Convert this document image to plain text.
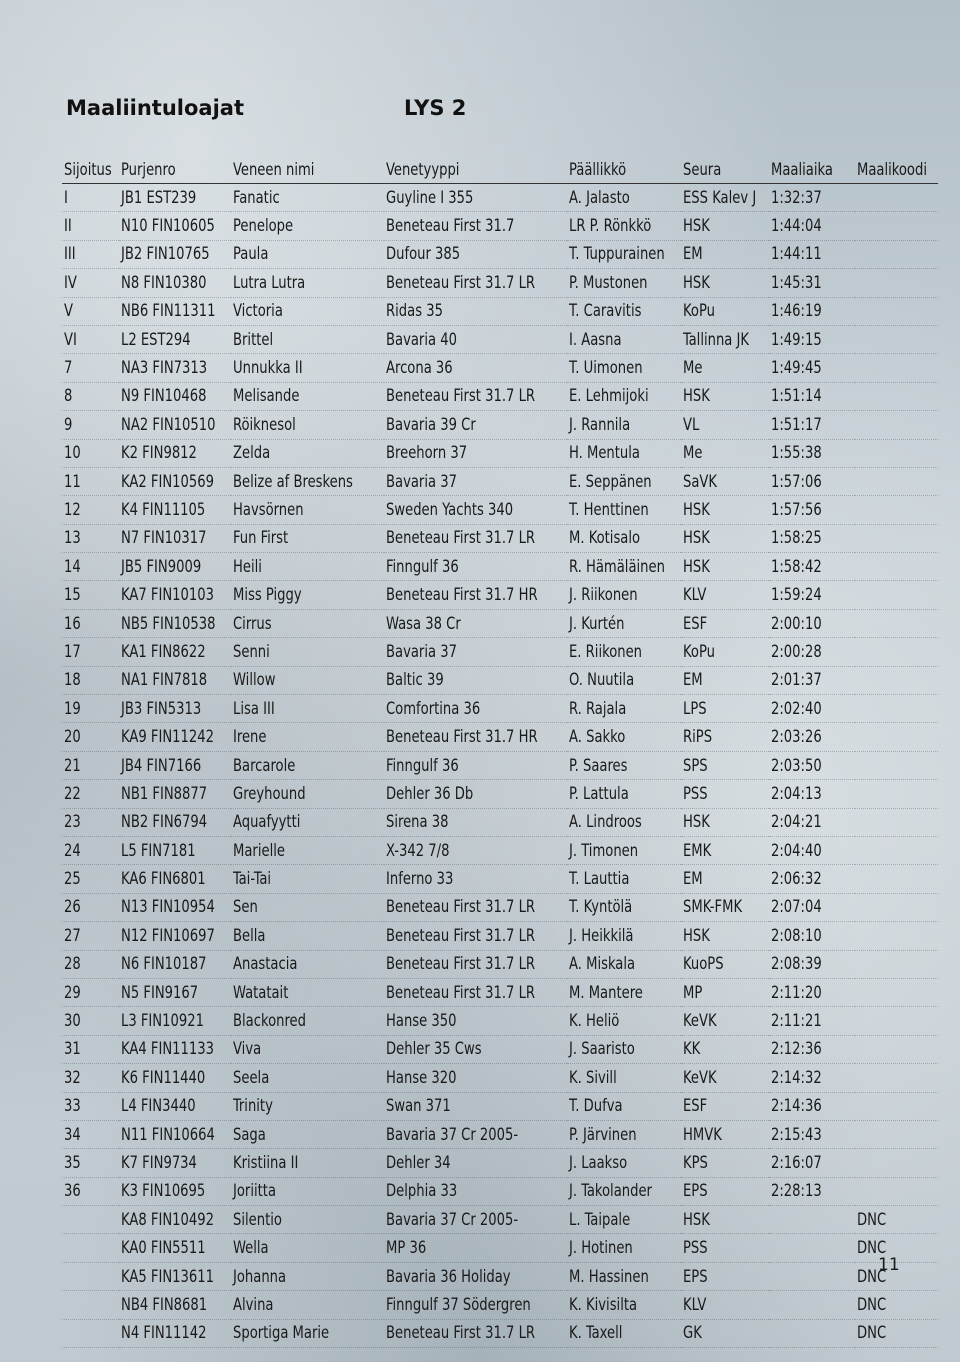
Maaliintuloajat	LYS 2
Sijoitus	Purjenro	Veneen nimi	Venetyyppi	Päällikkö	Seura	Maaliaika	Maalikoodi
I	JB1 EST239	Fanatic	Guyline I 355	A. Jalasto	ESS Kalev J	1:32:37	
II	N10 FIN10605	Penelope	Beneteau First 31.7	LR P. Rönkkö	HSK	1:44:04	
III	JB2 FIN10765	Paula	Dufour 385	T. Tuppurainen	EM	1:44:11	
IV	N8 FIN10380	Lutra Lutra	Beneteau First 31.7 LR	P. Mustonen	HSK	1:45:31	
V	NB6 FIN11311	Victoria	Ridas 35	T. Caravitis	KoPu	1:46:19	
VI	L2 EST294	Brittel	Bavaria 40	I. Aasna	Tallinna JK	1:49:15	
7	NA3 FIN7313	Unnukka II	Arcona 36	T. Uimonen	Me	1:49:45	
8	N9 FIN10468	Melisande	Beneteau First 31.7 LR	E. Lehmijoki	HSK	1:51:14	
9	NA2 FIN10510	Röiknesol	Bavaria 39 Cr	J. Rannila	VL	1:51:17	
10	K2 FIN9812	Zelda	Breehorn 37	H. Mentula	Me	1:55:38	
11	KA2 FIN10569	Belize af Breskens	Bavaria 37	E. Seppänen	SaVK	1:57:06	
12	K4 FIN11105	Havsörnen	Sweden Yachts 340	T. Henttinen	HSK	1:57:56	
13	N7 FIN10317	Fun First	Beneteau First 31.7 LR	M. Kotisalo	HSK	1:58:25	
14	JB5 FIN9009	Heili	Finngulf 36	R. Hämäläinen	HSK	1:58:42	
15	KA7 FIN10103	Miss Piggy	Beneteau First 31.7 HR	J. Riikonen	KLV	1:59:24	
16	NB5 FIN10538	Cirrus	Wasa 38 Cr	J. Kurtén	ESF	2:00:10	
17	KA1 FIN8622	Senni	Bavaria 37	E. Riikonen	KoPu	2:00:28	
18	NA1 FIN7818	Willow	Baltic 39	O. Nuutila	EM	2:01:37	
19	JB3 FIN5313	Lisa III	Comfortina 36	R. Rajala	LPS	2:02:40	
20	KA9 FIN11242	Irene	Beneteau First 31.7 HR	A. Sakko	RiPS	2:03:26	
21	JB4 FIN7166	Barcarole	Finngulf 36	P. Saares	SPS	2:03:50	
22	NB1 FIN8877	Greyhound	Dehler 36 Db	P. Lattula	PSS	2:04:13	
23	NB2 FIN6794	Aquafyytti	Sirena 38	A. Lindroos	HSK	2:04:21	
24	L5 FIN7181	Marielle	X-342 7/8	J. Timonen	EMK	2:04:40	
25	KA6 FIN6801	Tai-Tai	Inferno 33	T. Lauttia	EM	2:06:32	
26	N13 FIN10954	Sen	Beneteau First 31.7 LR	T. Kyntölä	SMK-FMK	2:07:04	
27	N12 FIN10697	Bella	Beneteau First 31.7 LR	J. Heikkilä	HSK	2:08:10	
28	N6 FIN10187	Anastacia	Beneteau First 31.7 LR	A. Miskala	KuoPS	2:08:39	
29	N5 FIN9167	Watatait	Beneteau First 31.7 LR	M. Mantere	MP	2:11:20	
30	L3 FIN10921	Blackonred	Hanse 350	K. Heliö	KeVK	2:11:21	
31	KA4 FIN11133	Viva	Dehler 35 Cws	J. Saaristo	KK	2:12:36	
32	K6 FIN11440	Seela	Hanse 320	K. Sivill	KeVK	2:14:32	
33	L4 FIN3440	Trinity	Swan 371	T. Dufva	ESF	2:14:36	
34	N11 FIN10664	Saga	Bavaria 37 Cr 2005-	P. Järvinen	HMVK	2:15:43	
35	K7 FIN9734	Kristiina II	Dehler 34	J. Laakso	KPS	2:16:07	
36	K3 FIN10695	Joriitta	Delphia 33	J. Takolander	EPS	2:28:13	
	KA8 FIN10492	Silentio	Bavaria 37 Cr 2005-	L. Taipale	HSK		DNC
	KA0 FIN5511	Wella	MP 36	J. Hotinen	PSS		DNC
	KA5 FIN13611	Johanna	Bavaria 36 Holiday	M. Hassinen	EPS		DNC
	NB4 FIN8681	Alvina	Finngulf 37 Södergren	K. Kivisilta	KLV		DNC
	N4 FIN11142	Sportiga Marie	Beneteau First 31.7 LR	K. Taxell	GK		DNC
11
